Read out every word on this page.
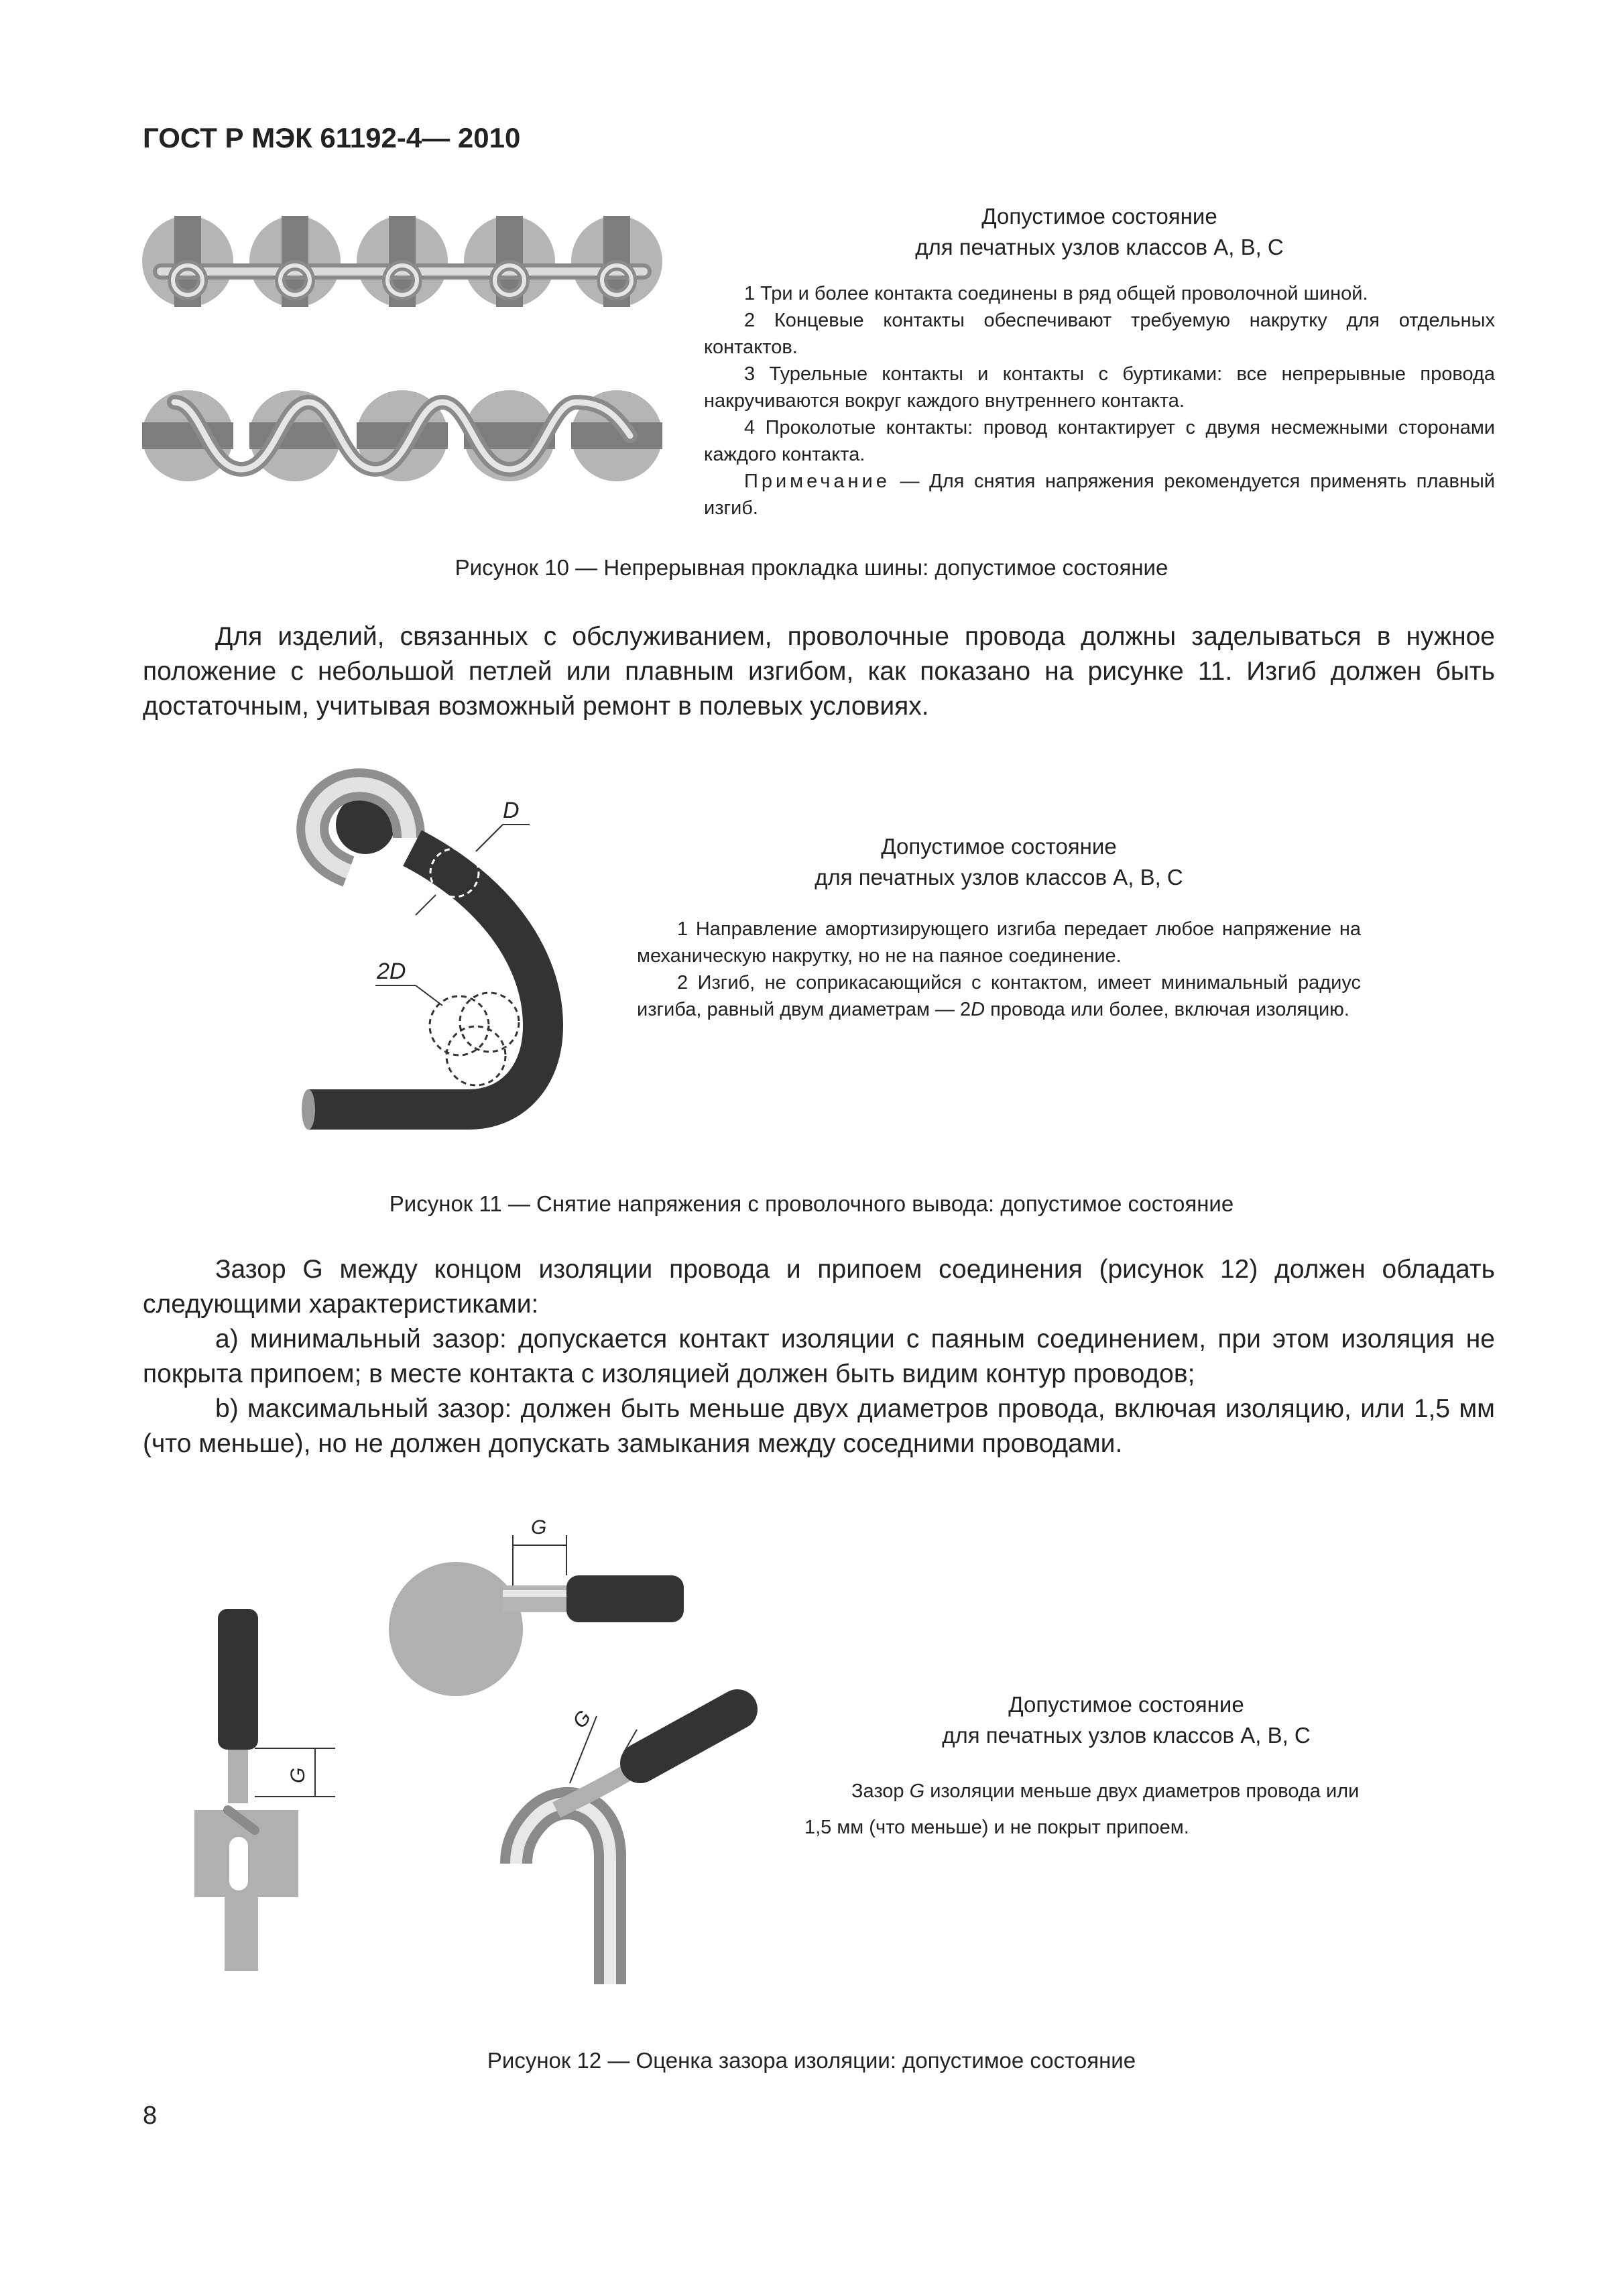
ГОСТ Р МЭК 61192-4— 2010
Допустимое состояние
для печатных узлов классов А, В, С

1 Три и более контакта соединены в ряд общей проволочной шиной.

2 Концевые контакты обеспечивают требуемую накрутку для отдельных контактов.

3 Турельные контакты и контакты с буртиками: все непрерывные провода накручиваются вокруг каждого внутреннего контакта.

4 Проколотые контакты: провод контактирует с двумя несмежными сторонами каждого контакта.

Примечание — Для снятия напряжения рекомендуется применять плавный изгиб.

Рисунок 10 — Непрерывная прокладка шины: допустимое состояние

Для изделий, связанных с обслуживанием, проволочные провода должны заделываться в нужное положение с небольшой петлей или плавным изгибом, как показано на рисунке 11. Изгиб должен быть достаточным, учитывая возможный ремонт в полевых условиях.

D
2D
Допустимое состояние
для печатных узлов классов А, В, С

1 Направление амортизирующего изгиба передает любое напряжение на механическую накрутку, но не на паяное соединение.

2 Изгиб, не соприкасающийся с контактом, имеет минимальный радиус изгиба, равный двум диаметрам — 2D провода или более, включая изоляцию.

Рисунок 11 — Снятие напряжения с проволочного вывода: допустимое состояние

Зазор G между концом изоляции провода и припоем соединения (рисунок 12) должен обладать следующими характеристиками:

а) минимальный зазор: допускается контакт изоляции с паяным соединением, при этом изоляция не покрыта припоем; в месте контакта с изоляцией должен быть видим контур проводов;

b) максимальный зазор: должен быть меньше двух диаметров провода, включая изоляцию, или 1,5 мм (что меньше), но не должен допускать замыкания между соседними проводами.

G
G
G
Допустимое состояние
для печатных узлов классов А, В, С
Зазор G изоляции меньше двух диаметров провода или
1,5 мм (что меньше) и не покрыт припоем.
Рисунок 12 — Оценка зазора изоляции: допустимое состояние
8
